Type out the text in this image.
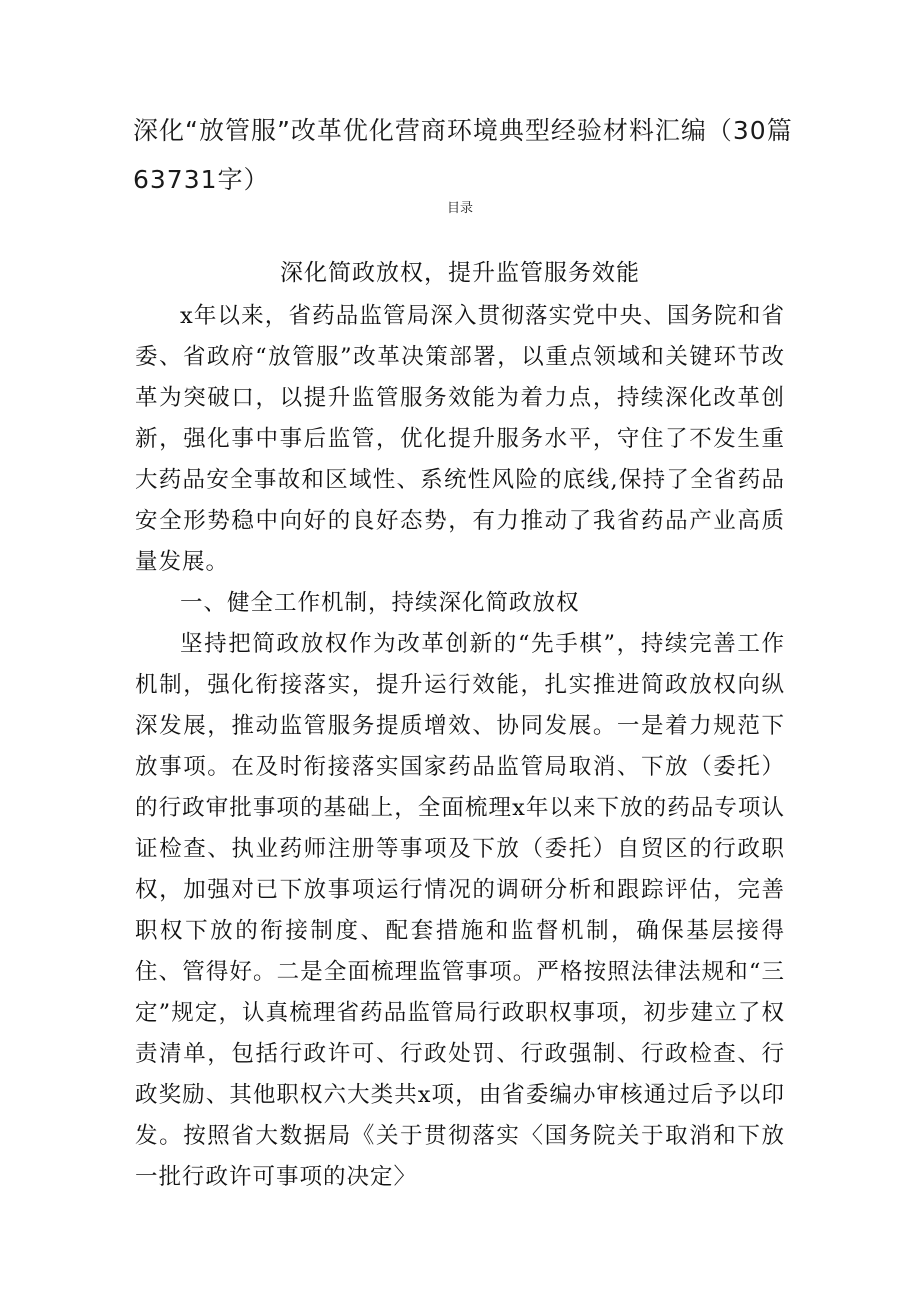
深化“放管服”改革优化营商环境典型经验材料汇编（30篇63731字）
目录
深化简政放权，提升监管服务效能

x年以来，省药品监管局深入贯彻落实党中央、国务院和省委、省政府“放管服”改革决策部署，以重点领域和关键环节改革为突破口，以提升监管服务效能为着力点，持续深化改革创新，强化事中事后监管，优化提升服务水平，守住了不发生重大药品安全事故和区域性、系统性风险的底线,保持了全省药品安全形势稳中向好的良好态势，有力推动了我省药品产业高质量发展。

一、健全工作机制，持续深化简政放权

坚持把简政放权作为改革创新的“先手棋”，持续完善工作机制，强化衔接落实，提升运行效能，扎实推进简政放权向纵深发展，推动监管服务提质增效、协同发展。一是着力规范下放事项。在及时衔接落实国家药品监管局取消、下放（委托）的行政审批事项的基础上，全面梳理x年以来下放的药品专项认证检查、执业药师注册等事项及下放（委托）自贸区的行政职权，加强对已下放事项运行情况的调研分析和跟踪评估，完善职权下放的衔接制度、配套措施和监督机制，确保基层接得住、管得好。二是全面梳理监管事项。严格按照法律法规和“三定”规定，认真梳理省药品监管局行政职权事项，初步建立了权责清单，包括行政许可、行政处罚、行政强制、行政检查、行政奖励、其他职权六大类共x项，由省委编办审核通过后予以印发。按照省大数据局《关于贯彻落实〈国务院关于取消和下放一批行政许可事项的决定〉
